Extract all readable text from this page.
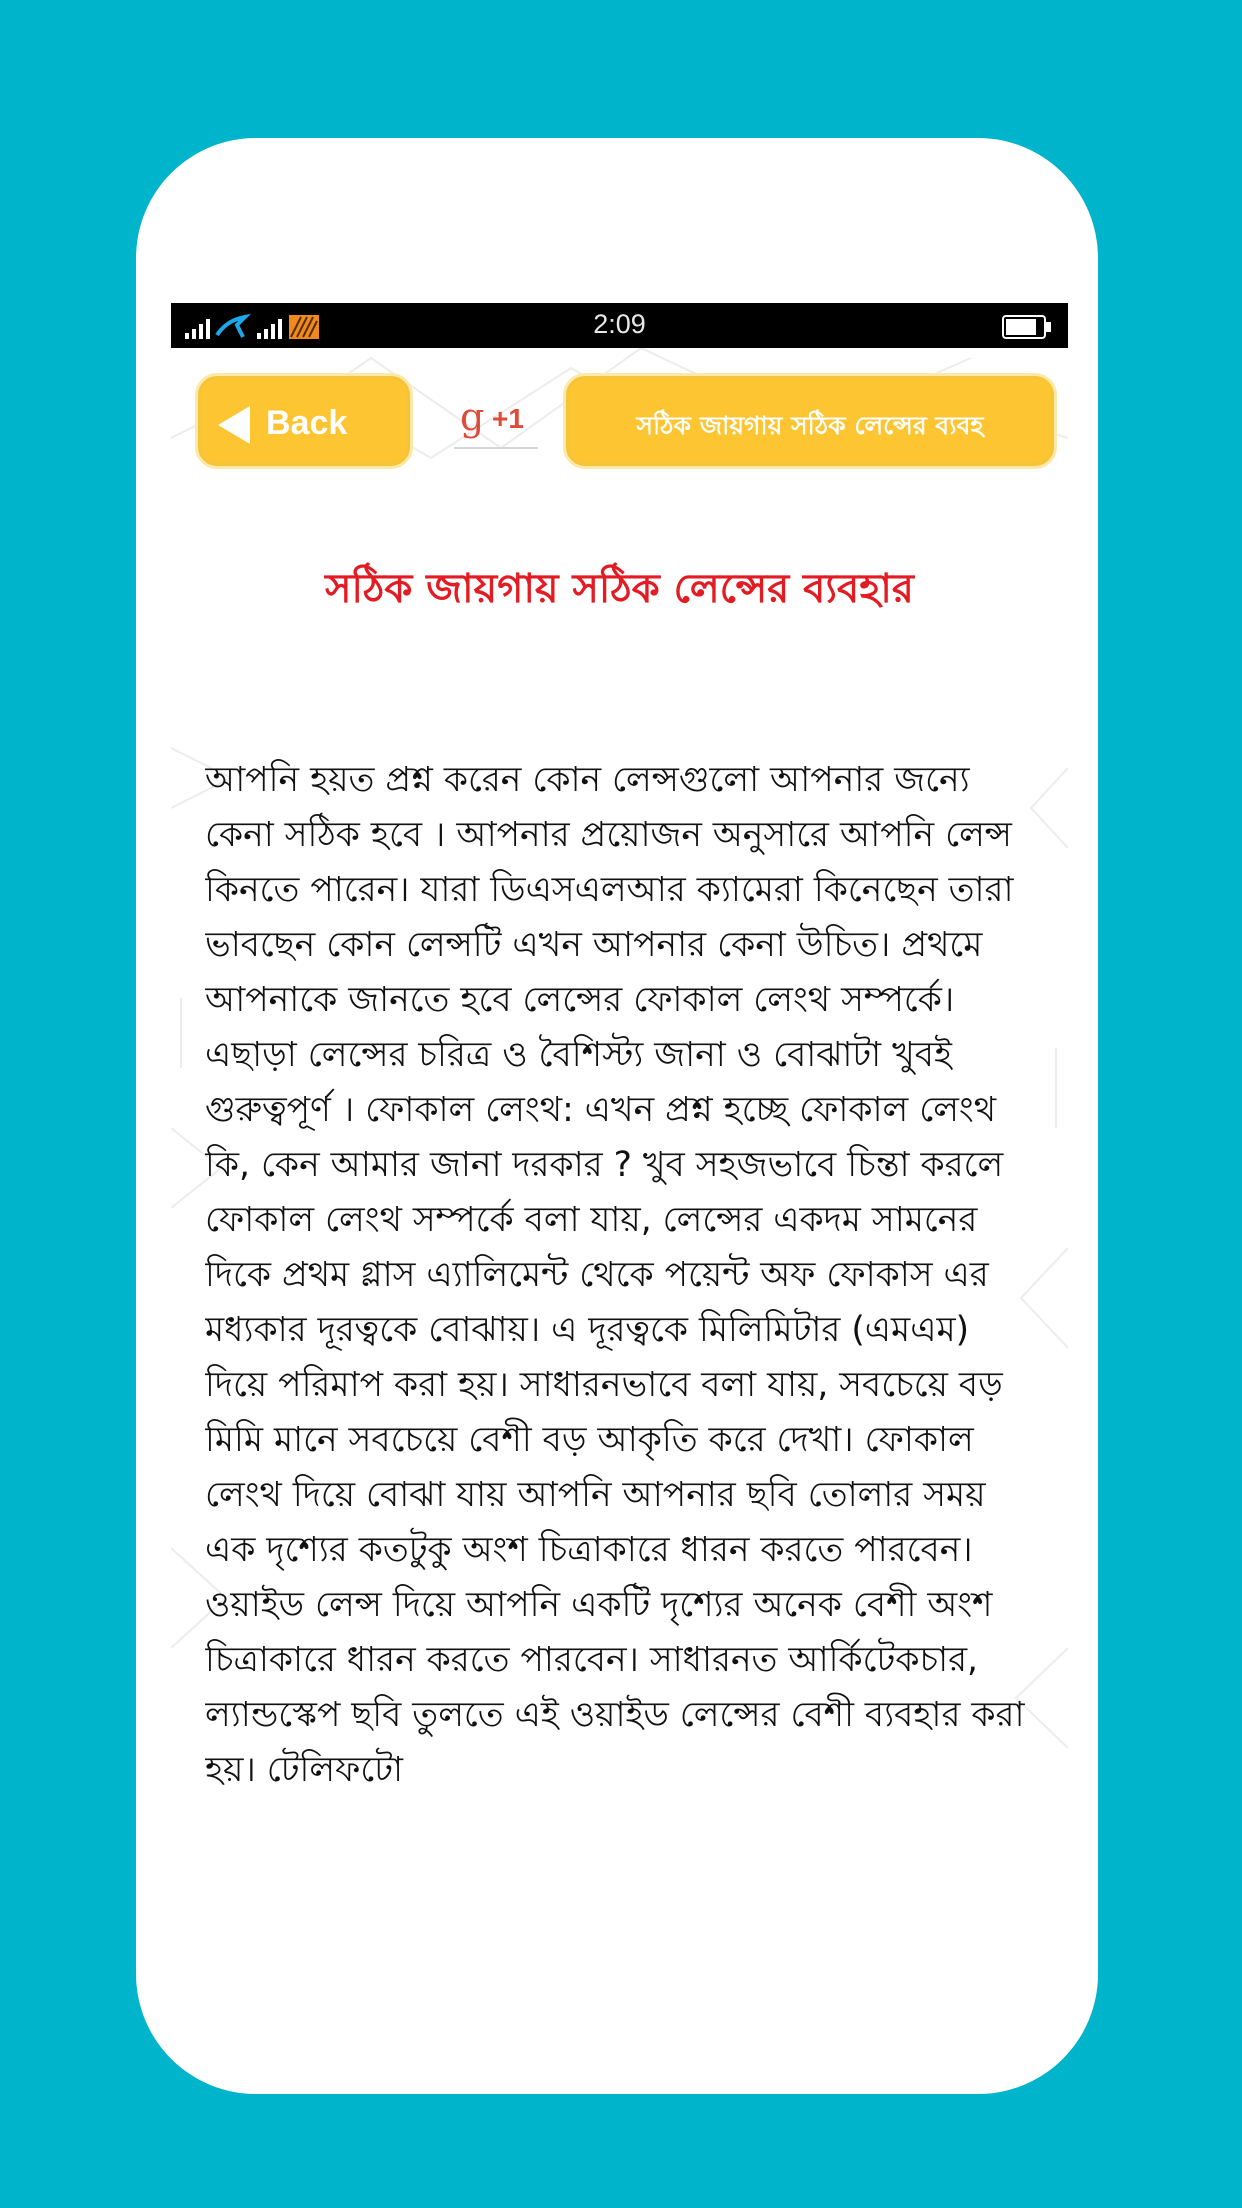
2:09
Back	g +1	সঠিক জায়গায় সঠিক লেন্সের ব্যবহ
সঠিক জায়গায় সঠিক লেন্সের ব্যবহার
আপনি হয়ত প্রশ্ন করেন কোন লেন্সগুলো আপনার জন্যে কেনা সঠিক হবে । আপনার প্রয়োজন অনুসারে আপনি লেন্স কিনতে পারেন। যারা ডিএসএলআর ক্যামেরা কিনেছেন তারা ভাবছেন কোন লেন্সটি এখন আপনার কেনা উচিত। প্রথমে আপনাকে জানতে হবে লেন্সের ফোকাল লেংথ সম্পর্কে। এছাড়া লেন্সের চরিত্র ও বৈশিস্ট্য জানা ও বোঝাটা খুবই গুরুত্বপূর্ণ । ফোকাল লেংথ: এখন প্রশ্ন হচ্ছে ফোকাল লেংথ কি, কেন আমার জানা দরকার ? খুব সহজভাবে চিন্তা করলে ফোকাল লেংথ সম্পর্কে বলা যায়, লেন্সের একদম সামনের দিকে প্রথম গ্লাস এ্যালিমেন্ট থেকে পয়েন্ট অফ ফোকাস এর মধ্যকার দূরত্বকে বোঝায়। এ দূরত্বকে মিলিমিটার (এমএম) দিয়ে পরিমাপ করা হয়। সাধারনভাবে বলা যায়, সবচেয়ে বড় মিমি মানে সবচেয়ে বেশী বড় আকৃতি করে দেখা। ফোকাল লেংথ দিয়ে বোঝা যায় আপনি আপনার ছবি তোলার সময় এক দৃশ্যের কতটুকু অংশ চিত্রাকারে ধারন করতে পারবেন। ওয়াইড লেন্স দিয়ে আপনি একটি দৃশ্যের অনেক বেশী অংশ চিত্রাকারে ধারন করতে পারবেন। সাধারনত আর্কিটেকচার, ল্যান্ডস্কেপ ছবি তুলতে এই ওয়াইড লেন্সের বেশী ব্যবহার করা হয়। টেলিফটো
